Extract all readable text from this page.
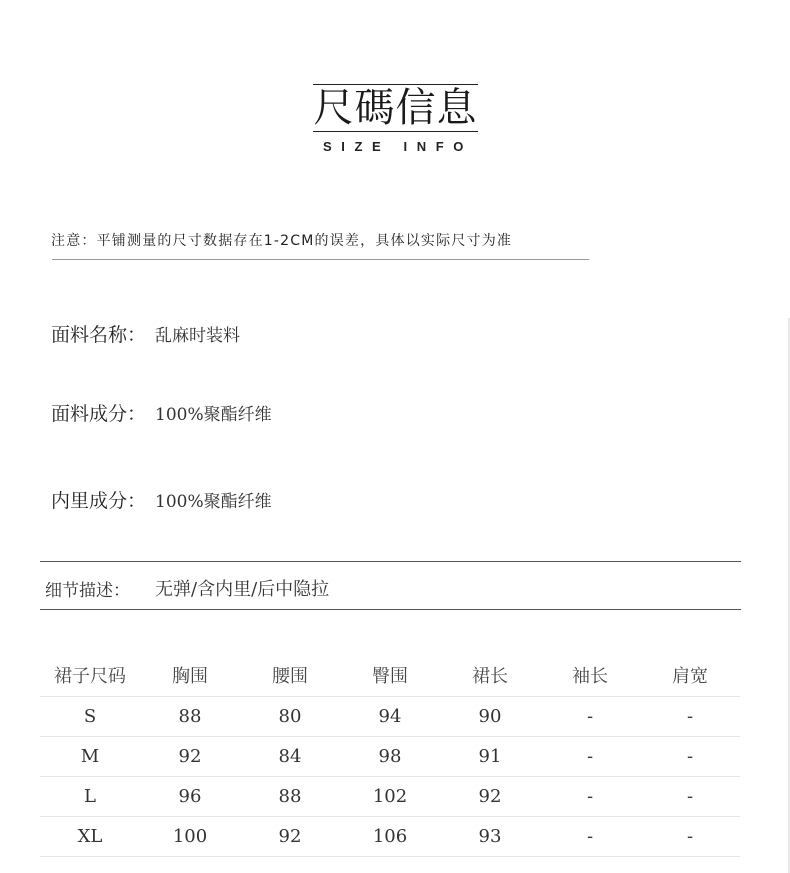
尺碼信息
SIZE INFO
注意：平铺测量的尺寸数据存在1-2CM的误差，具体以实际尺寸为准
面料名称： 乱麻时装料
面料成分： 100%聚酯纤维
内里成分： 100%聚酯纤维
细节描述： 无弹/含内里/后中隐拉
裙子尺码	胸围	腰围	臀围	裙长	袖长	肩宽
S	88	80	94	90	-	-
M	92	84	98	91	-	-
L	96	88	102	92	-	-
XL	100	92	106	93	-	-
